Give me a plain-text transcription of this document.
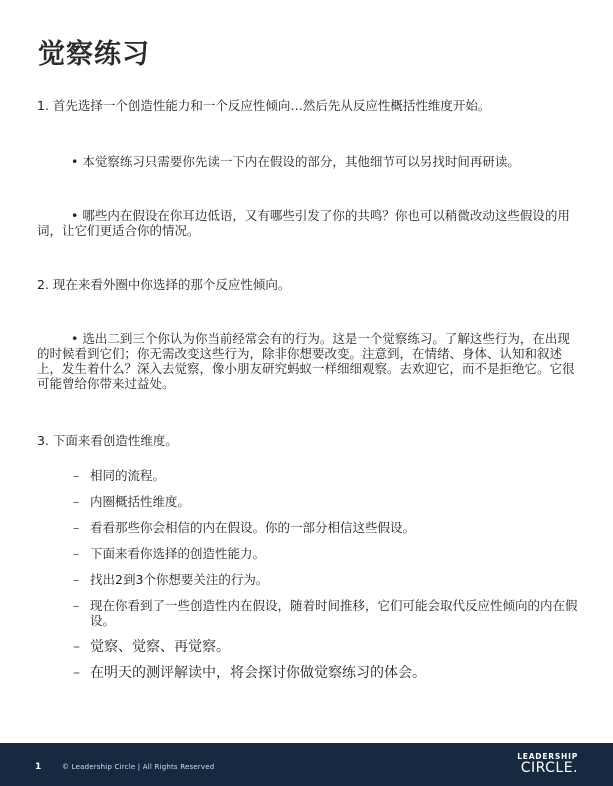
觉察练习

1. 首先选择一个创造性能力和一个反应性倾向…然后先从反应性概括性维度开始。

• 本觉察练习只需要你先读一下内在假设的部分，其他细节可以另找时间再研读。

• 哪些内在假设在你耳边低语，又有哪些引发了你的共鸣？你也可以稍微改动这些假设的用词，让它们更适合你的情况。

2. 现在来看外圈中你选择的那个反应性倾向。

• 选出二到三个你认为你当前经常会有的行为。这是一个觉察练习。了解这些行为，在出现的时候看到它们；你无需改变这些行为，除非你想要改变。注意到，在情绪、身体、认知和叙述上，发生着什么？深入去觉察，像小朋友研究蚂蚁一样细细观察。去欢迎它，而不是拒绝它。它很可能曾给你带来过益处。

3. 下面来看创造性维度。

– 相同的流程。
– 内圈概括性维度。
– 看看那些你会相信的内在假设。你的一部分相信这些假设。
– 下面来看你选择的创造性能力。
– 找出2到3个你想要关注的行为。
– 现在你看到了一些创造性内在假设，随着时间推移，它们可能会取代反应性倾向的内在假设。
– 觉察、觉察、再觉察。
– 在明天的测评解读中，将会探讨你做觉察练习的体会。
1	© Leadership Circle | All Rights Reserved
LEADERSHIP
CIRCLE.
